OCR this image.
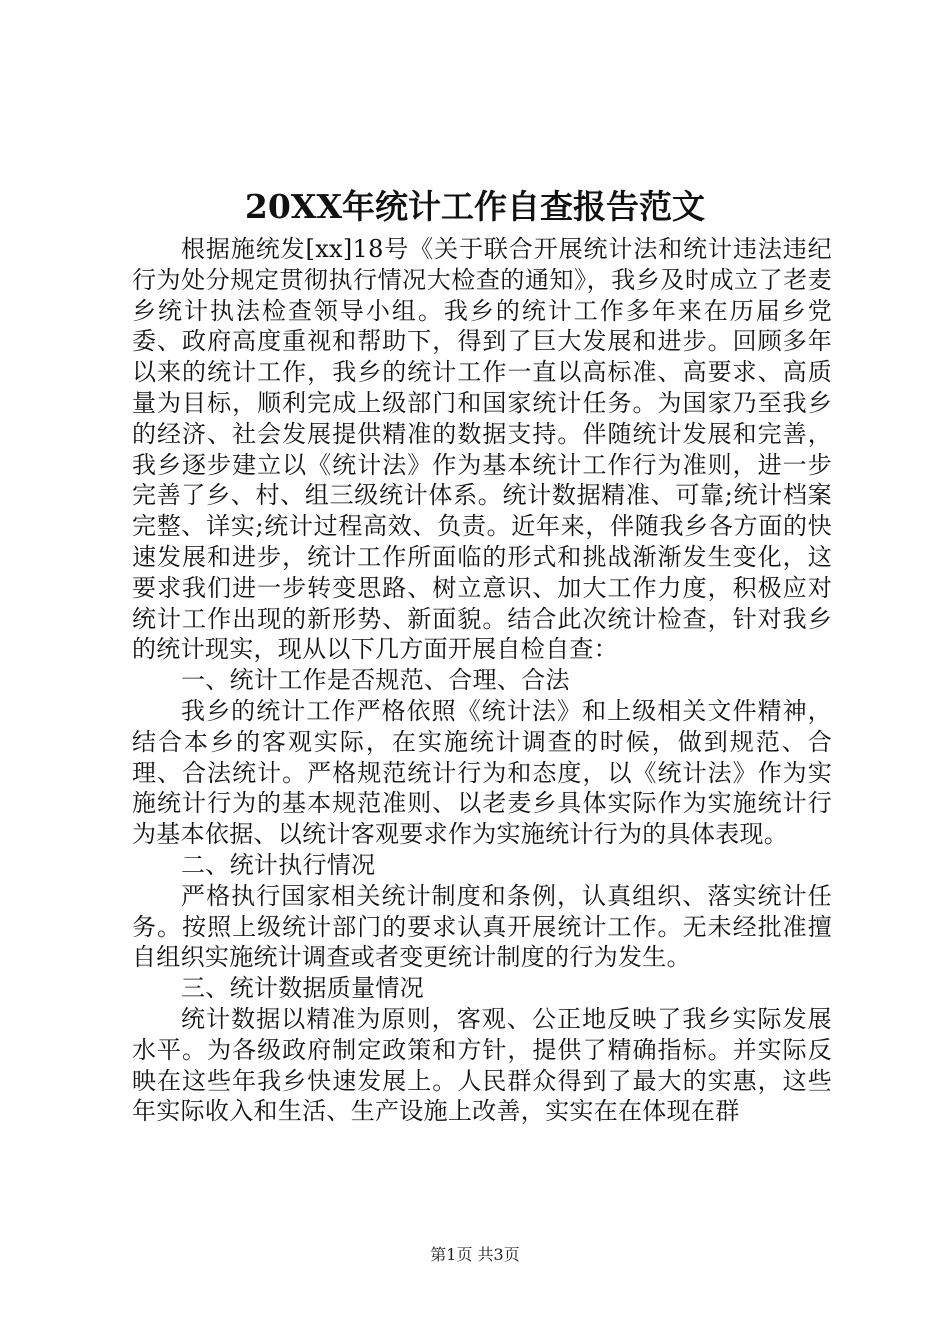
20XX年统计工作自查报告范文

根据施统发[xx]18号《关于联合开展统计法和统计违法违纪行为处分规定贯彻执行情况大检查的通知》，我乡及时成立了老麦乡统计执法检查领导小组。我乡的统计工作多年来在历届乡党委、政府高度重视和帮助下，得到了巨大发展和进步。回顾多年以来的统计工作，我乡的统计工作一直以高标准、高要求、高质量为目标，顺利完成上级部门和国家统计任务。为国家乃至我乡的经济、社会发展提供精准的数据支持。伴随统计发展和完善，我乡逐步建立以《统计法》作为基本统计工作行为准则，进一步完善了乡、村、组三级统计体系。统计数据精准、可靠;统计档案完整、详实;统计过程高效、负责。近年来，伴随我乡各方面的快速发展和进步，统计工作所面临的形式和挑战渐渐发生变化，这要求我们进一步转变思路、树立意识、加大工作力度，积极应对统计工作出现的新形势、新面貌。结合此次统计检查，针对我乡的统计现实，现从以下几方面开展自检自查：

一、统计工作是否规范、合理、合法

我乡的统计工作严格依照《统计法》和上级相关文件精神，结合本乡的客观实际，在实施统计调查的时候，做到规范、合理、合法统计。严格规范统计行为和态度，以《统计法》作为实施统计行为的基本规范准则、以老麦乡具体实际作为实施统计行为基本依据、以统计客观要求作为实施统计行为的具体表现。

二、统计执行情况

严格执行国家相关统计制度和条例，认真组织、落实统计任务。按照上级统计部门的要求认真开展统计工作。无未经批准擅自组织实施统计调查或者变更统计制度的行为发生。

三、统计数据质量情况

统计数据以精准为原则，客观、公正地反映了我乡实际发展水平。为各级政府制定政策和方针，提供了精确指标。并实际反映在这些年我乡快速发展上。人民群众得到了最大的实惠，这些年实际收入和生活、生产设施上改善，实实在在体现在群

第1页 共3页
